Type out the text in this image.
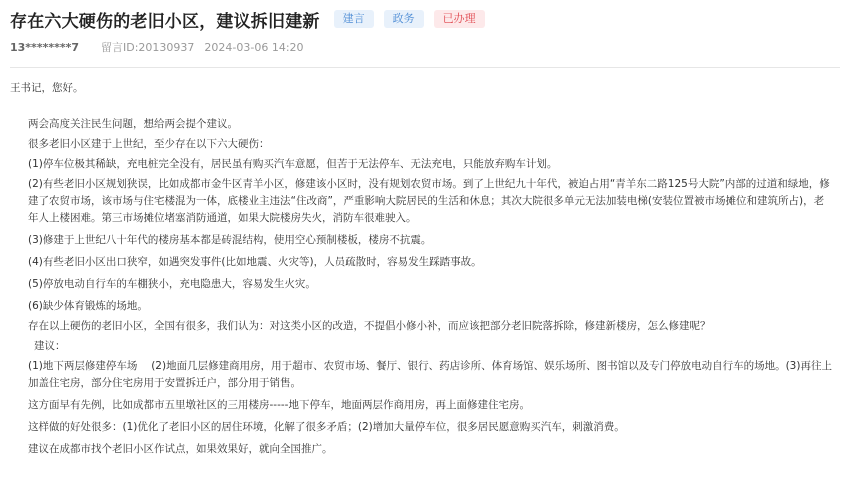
存在六大硬伤的老旧小区，建议拆旧建新	建言	政务	已办理
13********7 留言ID:20130937 2024-03-06 14:20
王书记，您好。
两会高度关注民生问题，想给两会提个建议。
很多老旧小区建于上世纪，至少存在以下六大硬伤：
(1)停车位极其稀缺，充电桩完全没有，居民虽有购买汽车意愿，但苦于无法停车、无法充电，只能放弃购车计划。
(2)有些老旧小区规划狭误，比如成都市金牛区青羊小区，修建该小区时，没有规划农贸市场。到了上世纪九十年代，被迫占用“青羊东二路125号大院”内部的过道和绿地，修建了农贸市场，该市场与住宅楼混为一体，底楼业主违法“住改商”，严重影响大院居民的生活和休息；其次大院很多单元无法加装电梯(安装位置被市场摊位和建筑所占)，老年人上楼困难。第三市场摊位堵塞消防通道，如果大院楼房失火，消防车很难驶入。
(3)修建于上世纪八十年代的楼房基本都是砖混结构，使用空心预制楼板，楼房不抗震。
(4)有些老旧小区出口狭窄，如遇突发事件(比如地震、火灾等)，人员疏散时，容易发生踩踏事故。
(5)停放电动自行车的车棚狭小，充电隐患大，容易发生火灾。
(6)缺少体育锻炼的场地。
存在以上硬伤的老旧小区，全国有很多，我们认为：对这类小区的改造，不提倡小修小补，而应该把部分老旧院落拆除，修建新楼房，怎么修建呢？
建议：
(1)地下两层修建停车场　 (2)地面几层修建商用房，用于超市、农贸市场、餐厅、银行、药店诊所、体育场馆、娱乐场所、图书馆以及专门停放电动自行车的场地。(3)再往上加盖住宅房，部分住宅房用于安置拆迁户，部分用于销售。
这方面早有先例，比如成都市五里墩社区的三用楼房-----地下停车，地面两层作商用房，再上面修建住宅房。
这样做的好处很多：(1)优化了老旧小区的居住环境，化解了很多矛盾；(2)增加大量停车位，很多居民愿意购买汽车，刺激消费。
建议在成都市找个老旧小区作试点，如果效果好，就向全国推广。
